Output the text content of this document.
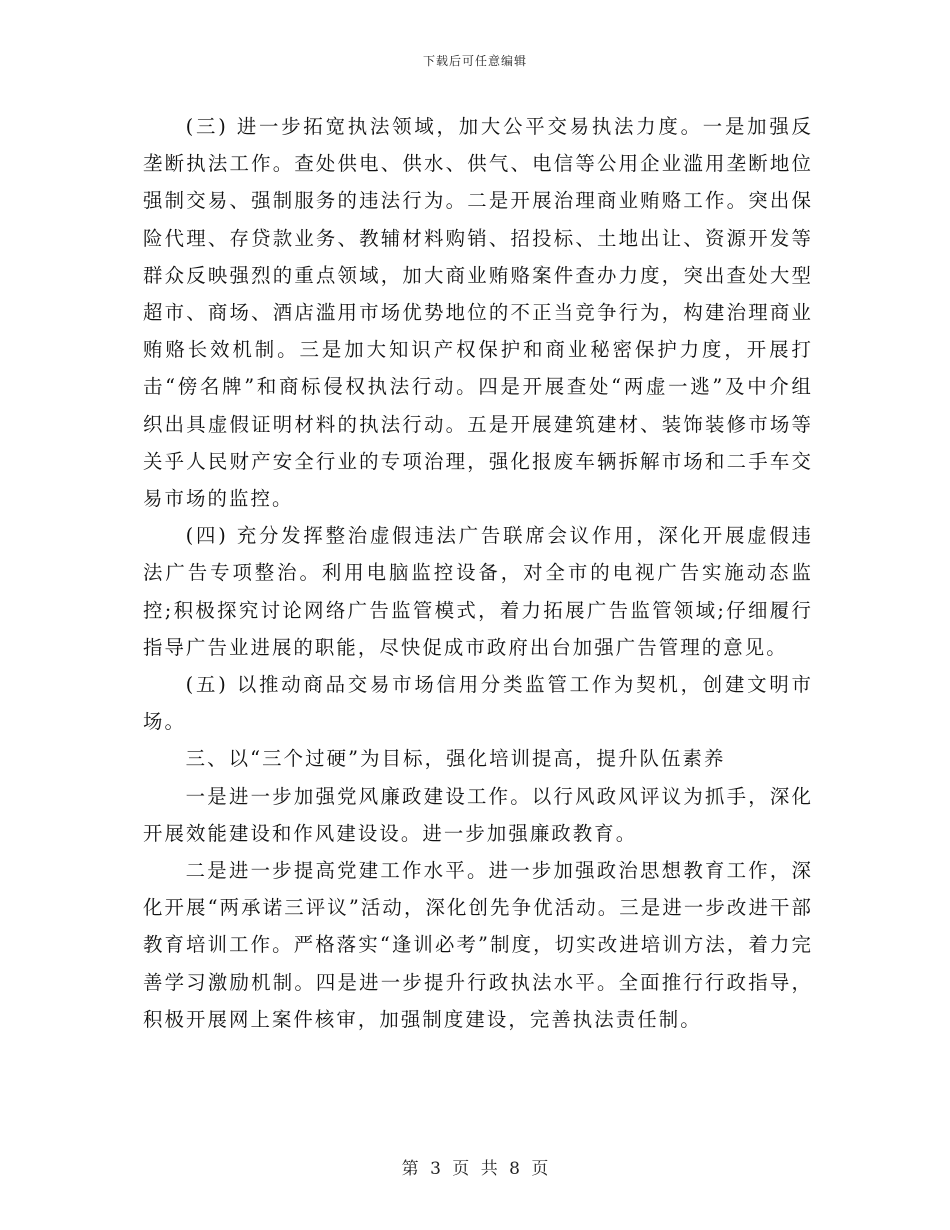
下载后可任意编辑

(三) 进一步拓宽执法领域，加大公平交易执法力度。一是加强反垄断执法工作。查处供电、供水、供气、电信等公用企业滥用垄断地位强制交易、强制服务的违法行为。二是开展治理商业贿赂工作。突出保险代理、存贷款业务、教辅材料购销、招投标、土地出让、资源开发等群众反映强烈的重点领域，加大商业贿赂案件查办力度，突出查处大型超市、商场、酒店滥用市场优势地位的不正当竞争行为，构建治理商业贿赂长效机制。三是加大知识产权保护和商业秘密保护力度，开展打击“傍名牌”和商标侵权执法行动。四是开展查处“两虚一逃”及中介组织出具虚假证明材料的执法行动。五是开展建筑建材、装饰装修市场等关乎人民财产安全行业的专项治理，强化报废车辆拆解市场和二手车交易市场的监控。

(四) 充分发挥整治虚假违法广告联席会议作用，深化开展虚假违法广告专项整治。利用电脑监控设备，对全市的电视广告实施动态监控;积极探究讨论网络广告监管模式，着力拓展广告监管领域;仔细履行指导广告业进展的职能，尽快促成市政府出台加强广告管理的意见。

(五) 以推动商品交易市场信用分类监管工作为契机，创建文明市场。

三、以“三个过硬”为目标，强化培训提高，提升队伍素养

一是进一步加强党风廉政建设工作。以行风政风评议为抓手，深化开展效能建设和作风建设设。进一步加强廉政教育。

二是进一步提高党建工作水平。进一步加强政治思想教育工作，深化开展“两承诺三评议”活动，深化创先争优活动。三是进一步改进干部教育培训工作。严格落实“逢训必考”制度，切实改进培训方法，着力完善学习激励机制。四是进一步提升行政执法水平。全面推行行政指导，积极开展网上案件核审，加强制度建设，完善执法责任制。

第 3 页 共 8 页
